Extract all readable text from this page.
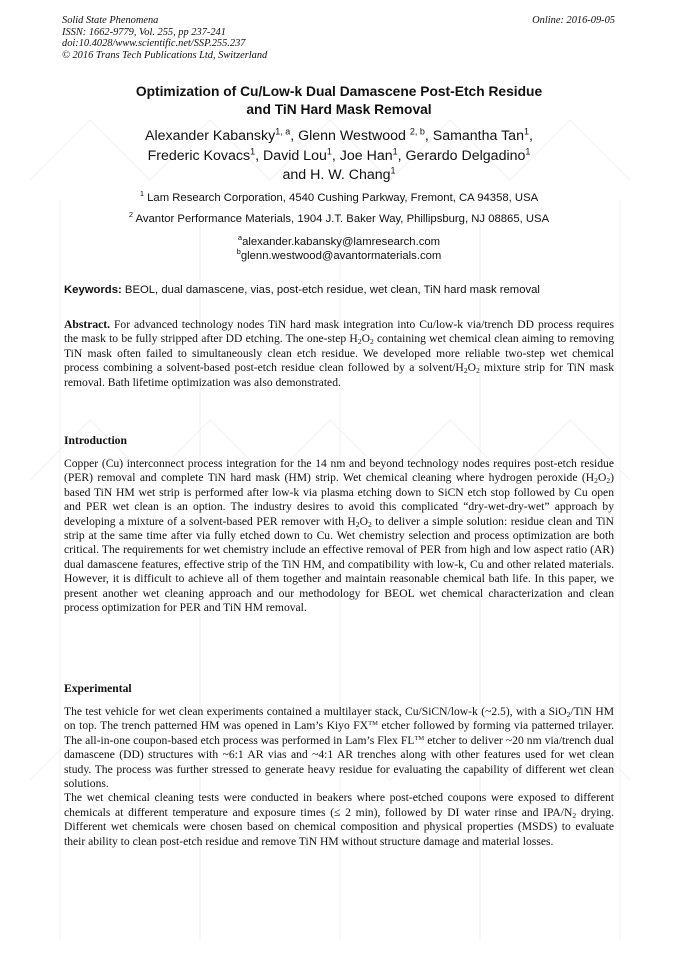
Solid State Phenomena
ISSN: 1662-9779, Vol. 255, pp 237-241
doi:10.4028/www.scientific.net/SSP.255.237
© 2016 Trans Tech Publications Ltd, Switzerland
Online: 2016-09-05
Optimization of Cu/Low-k Dual Damascene Post-Etch Residue
and TiN Hard Mask Removal
Alexander Kabansky$^{1, a}$, Glenn Westwood $^{2, b}$, Samantha Tan$^1$,
Frederic Kovacs$^1$, David Lou$^1$, Joe Han$^1$, Gerardo Delgadino$^1$
and H. W. Chang$^1$
$^1$ Lam Research Corporation, 4540 Cushing Parkway, Fremont, CA 94358, USA
$^2$ Avantor Performance Materials, 1904 J.T. Baker Way, Phillipsburg, NJ 08865, USA
$^a$alexander.kabansky@lamresearch.com
$^b$glenn.westwood@avantormaterials.com
Keywords: BEOL, dual damascene, vias, post-etch residue, wet clean, TiN hard mask removal

Abstract. For advanced technology nodes TiN hard mask integration into Cu/low-k via/trench DD process requires the mask to be fully stripped after DD etching. The one-step $H_2O_2$ containing wet chemical clean aiming to removing TiN mask often failed to simultaneously clean etch residue. We developed more reliable two-step wet chemical process combining a solvent-based post-etch residue clean followed by a solvent/$H_2O_2$ mixture strip for TiN mask removal. Bath lifetime optimization was also demonstrated.

Introduction

Copper (Cu) interconnect process integration for the 14 nm and beyond technology nodes requires post-etch residue (PER) removal and complete TiN hard mask (HM) strip. Wet chemical cleaning where hydrogen peroxide $(H_2O_2)$ based TiN HM wet strip is performed after low-k via plasma etching down to SiCN etch stop followed by Cu open and PER wet clean is an option. The industry desires to avoid this complicated “dry-wet-dry-wet” approach by developing a mixture of a solvent-based PER remover with $H_2O_2$ to deliver a simple solution: residue clean and TiN strip at the same time after via fully etched down to Cu. Wet chemistry selection and process optimization are both critical. The requirements for wet chemistry include an effective removal of PER from high and low aspect ratio (AR) dual damascene features, effective strip of the TiN HM, and compatibility with low-k, Cu and other related materials. However, it is difficult to achieve all of them together and maintain reasonable chemical bath life. In this paper, we present another wet cleaning approach and our methodology for BEOL wet chemical characterization and clean process optimization for PER and TiN HM removal.

Experimental

The test vehicle for wet clean experiments contained a multilayer stack, Cu/SiCN/low-k (~2.5), with a SiO$_2$/TiN HM on top. The trench patterned HM was opened in Lam’s Kiyo FX™ etcher followed by forming via patterned trilayer. The all-in-one coupon-based etch process was performed in Lam’s Flex FL™ etcher to deliver ~20 nm via/trench dual damascene (DD) structures with ~6:1 AR vias and ~4:1 AR trenches along with other features used for wet clean study. The process was further stressed to generate heavy residue for evaluating the capability of different wet clean solutions.

The wet chemical cleaning tests were conducted in beakers where post-etched coupons were exposed to different chemicals at different temperature and exposure times (≤ 2 min), followed by DI water rinse and IPA/$N_2$ drying. Different wet chemicals were chosen based on chemical composition and physical properties (MSDS) to evaluate their ability to clean post-etch residue and remove TiN HM without structure damage and material losses.
